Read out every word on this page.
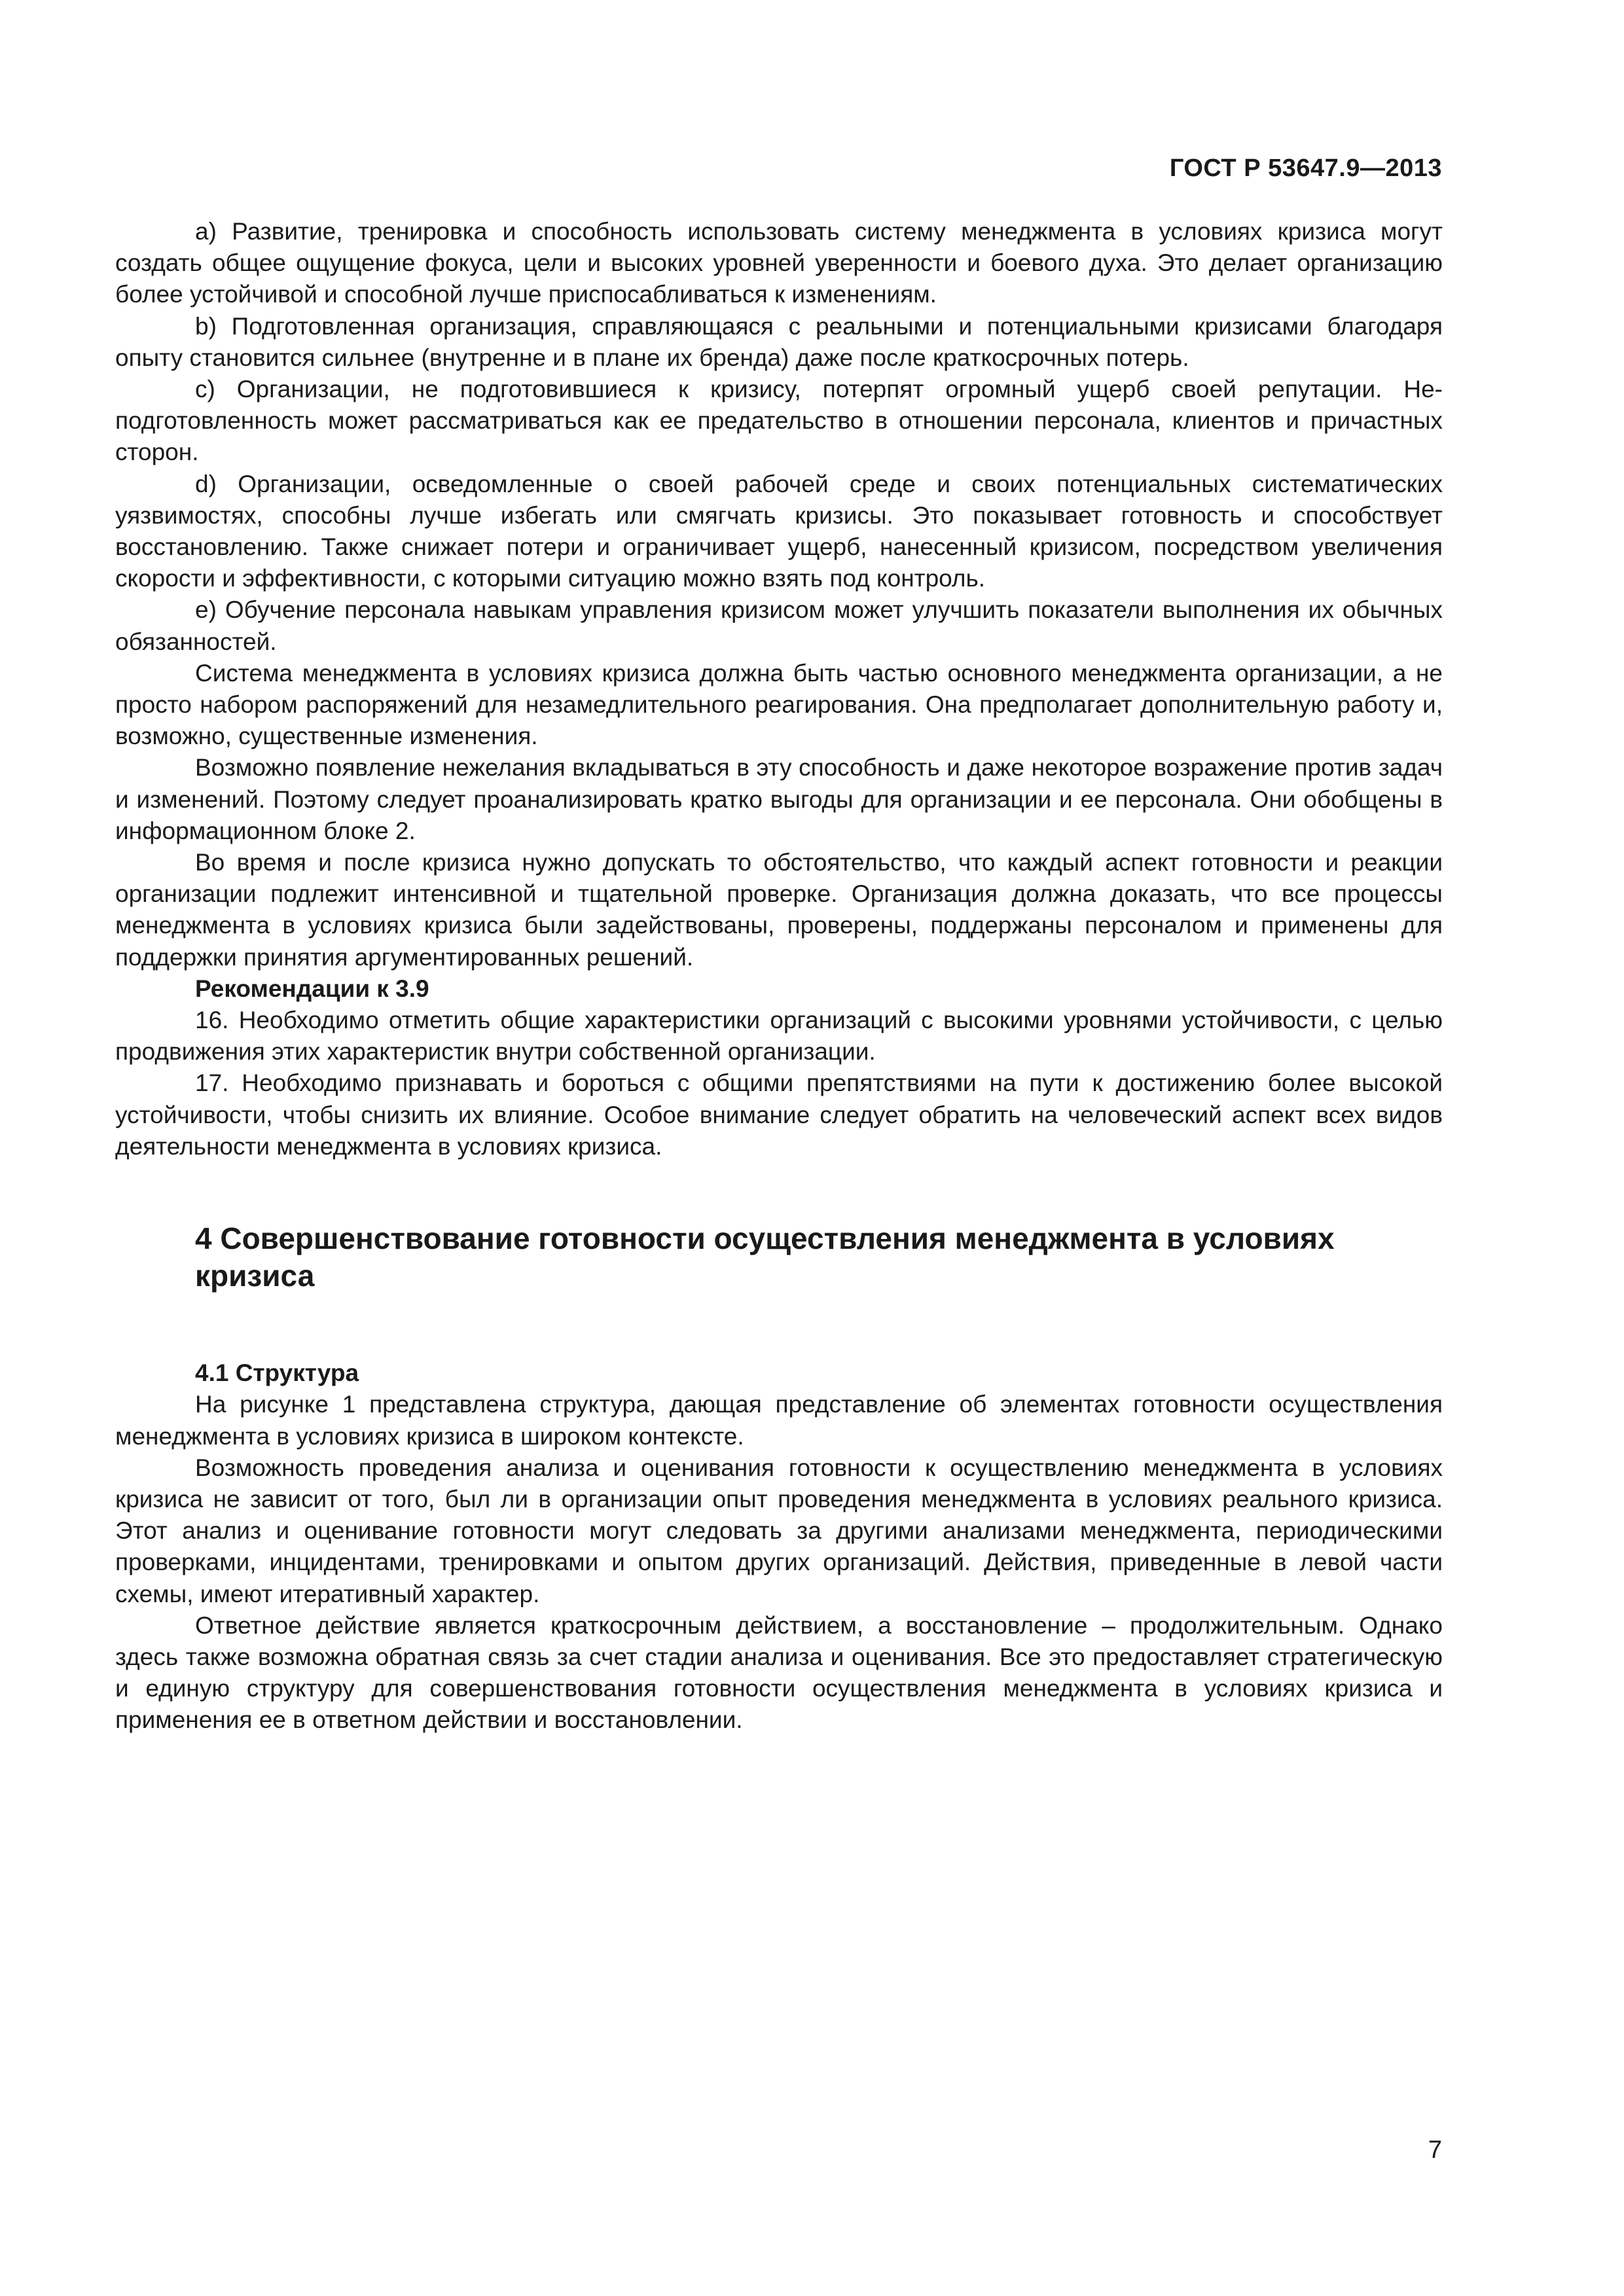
ГОСТ Р 53647.9—2013

а) Развитие, тренировка и способность использовать систему менеджмента в условиях кризиса могут создать общее ощущение фокуса, цели и высоких уровней уверенности и боевого духа. Это делает организацию более устойчивой и способной лучше приспосабливаться к изменениям.

b) Подготовленная организация, справляющаяся с реальными и потенциальными кризисами благодаря опыту становится сильнее (внутренне и в плане их бренда) даже после краткосрочных потерь.

c) Организации, не подготовившиеся к кризису, потерпят огромный ущерб своей репутации. Неподготовленность может рассматриваться как ее предательство в отношении персонала, клиентов и причастных сторон.

d) Организации, осведомленные о своей рабочей среде и своих потенциальных систематических уязвимостях, способны лучше избегать или смягчать кризисы. Это показывает готовность и способствует восстановлению. Также снижает потери и ограничивает ущерб, нанесенный кризисом, посредством увеличения скорости и эффективности, с которыми ситуацию можно взять под контроль.

e) Обучение персонала навыкам управления кризисом может улучшить показатели выполнения их обычных обязанностей.

Система менеджмента в условиях кризиса должна быть частью основного менеджмента организации, а не просто набором распоряжений для незамедлительного реагирования. Она предполагает дополнительную работу и, возможно, существенные изменения.

Возможно появление нежелания вкладываться в эту способность и даже некоторое возражение против задач и изменений. Поэтому следует проанализировать кратко выгоды для организации и ее персонала. Они обобщены в информационном блоке 2.

Во время и после кризиса нужно допускать то обстоятельство, что каждый аспект готовности и реакции организации подлежит интенсивной и тщательной проверке. Организация должна доказать, что все процессы менеджмента в условиях кризиса были задействованы, проверены, поддержаны персоналом и применены для поддержки принятия аргументированных решений.

Рекомендации к 3.9

16. Необходимо отметить общие характеристики организаций с высокими уровнями устойчивости, с целью продвижения этих характеристик внутри собственной организации.

17. Необходимо признавать и бороться с общими препятствиями на пути к достижению более высокой устойчивости, чтобы снизить их влияние. Особое внимание следует обратить на человеческий аспект всех видов деятельности менеджмента в условиях кризиса.

4 Совершенствование готовности осуществления менеджмента в условиях кризиса

4.1 Структура

На рисунке 1 представлена структура, дающая представление об элементах готовности осуществления менеджмента в условиях кризиса в широком контексте.

Возможность проведения анализа и оценивания готовности к осуществлению менеджмента в условиях кризиса не зависит от того, был ли в организации опыт проведения менеджмента в условиях реального кризиса. Этот анализ и оценивание готовности могут следовать за другими анализами менеджмента, периодическими проверками, инцидентами, тренировками и опытом других организаций. Действия, приведенные в левой части схемы, имеют итеративный характер.

Ответное действие является краткосрочным действием, а восстановление – продолжительным. Однако здесь также возможна обратная связь за счет стадии анализа и оценивания. Все это предоставляет стратегическую и единую структуру для совершенствования готовности осуществления менеджмента в условиях кризиса и применения ее в ответном действии и восстановлении.

7
